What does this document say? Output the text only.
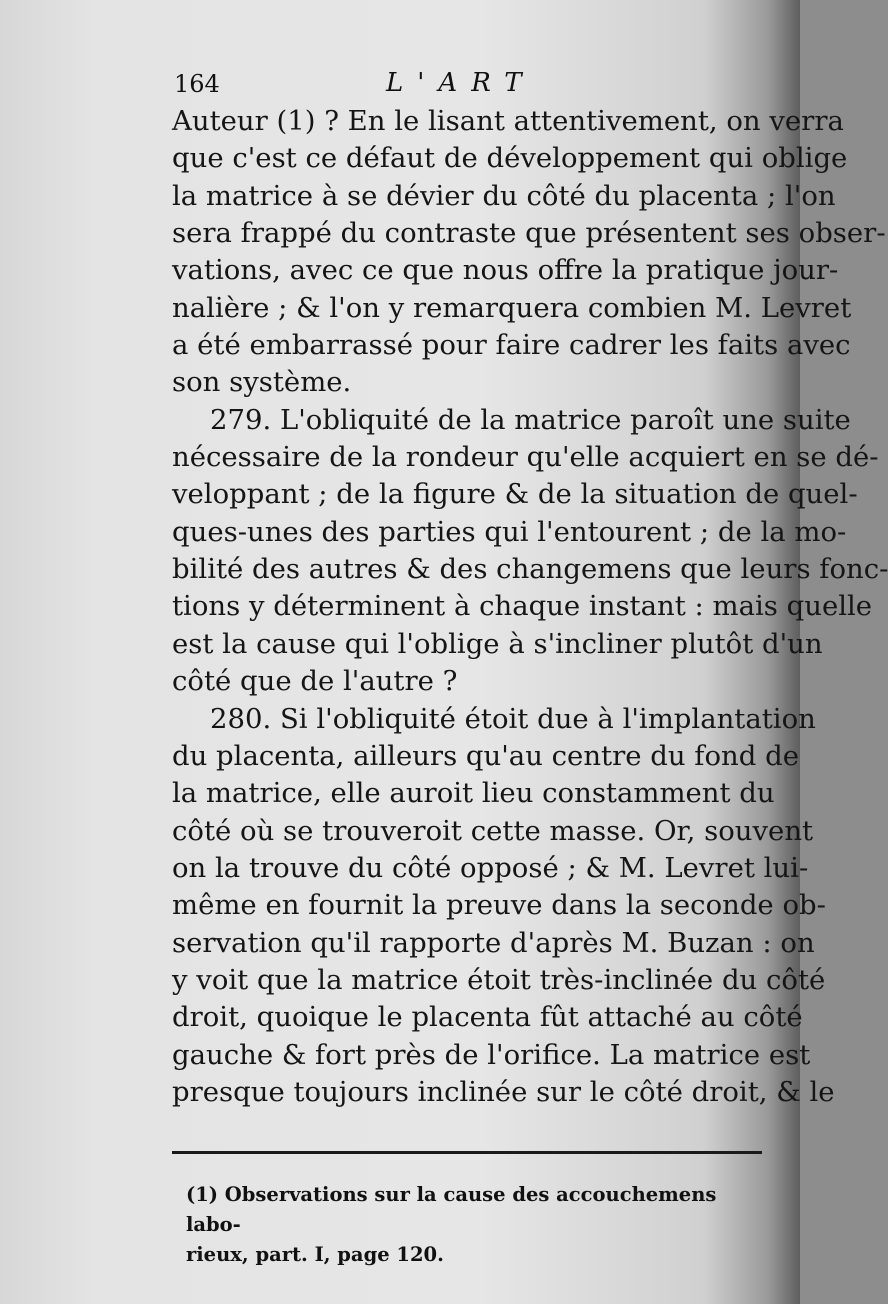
164	L'ART
Auteur (1) ? En le lisant attentivement, on verra
que c'est ce défaut de développement qui oblige
la matrice à se dévier du côté du placenta ; l'on
sera frappé du contraste que présentent ses obser-
vations, avec ce que nous offre la pratique jour-
nalière ; & l'on y remarquera combien M. Levret
a été embarrassé pour faire cadrer les faits avec
son système.
279. L'obliquité de la matrice paroît une suite
nécessaire de la rondeur qu'elle acquiert en se dé-
veloppant ; de la figure & de la situation de quel-
ques-unes des parties qui l'entourent ; de la mo-
bilité des autres & des changemens que leurs fonc-
tions y déterminent à chaque instant : mais quelle
est la cause qui l'oblige à s'incliner plutôt d'un
côté que de l'autre ?
280. Si l'obliquité étoit due à l'implantation
du placenta, ailleurs qu'au centre du fond de
la matrice, elle auroit lieu constamment du
côté où se trouveroit cette masse. Or, souvent
on la trouve du côté opposé ; & M. Levret lui-
même en fournit la preuve dans la seconde ob-
servation qu'il rapporte d'après M. Buzan : on
y voit que la matrice étoit très-inclinée du côté
droit, quoique le placenta fût attaché au côté
gauche & fort près de l'orifice. La matrice est
presque toujours inclinée sur le côté droit, & le
(1) Observations sur la cause des accouchemens labo-
rieux, part. I, page 120.
